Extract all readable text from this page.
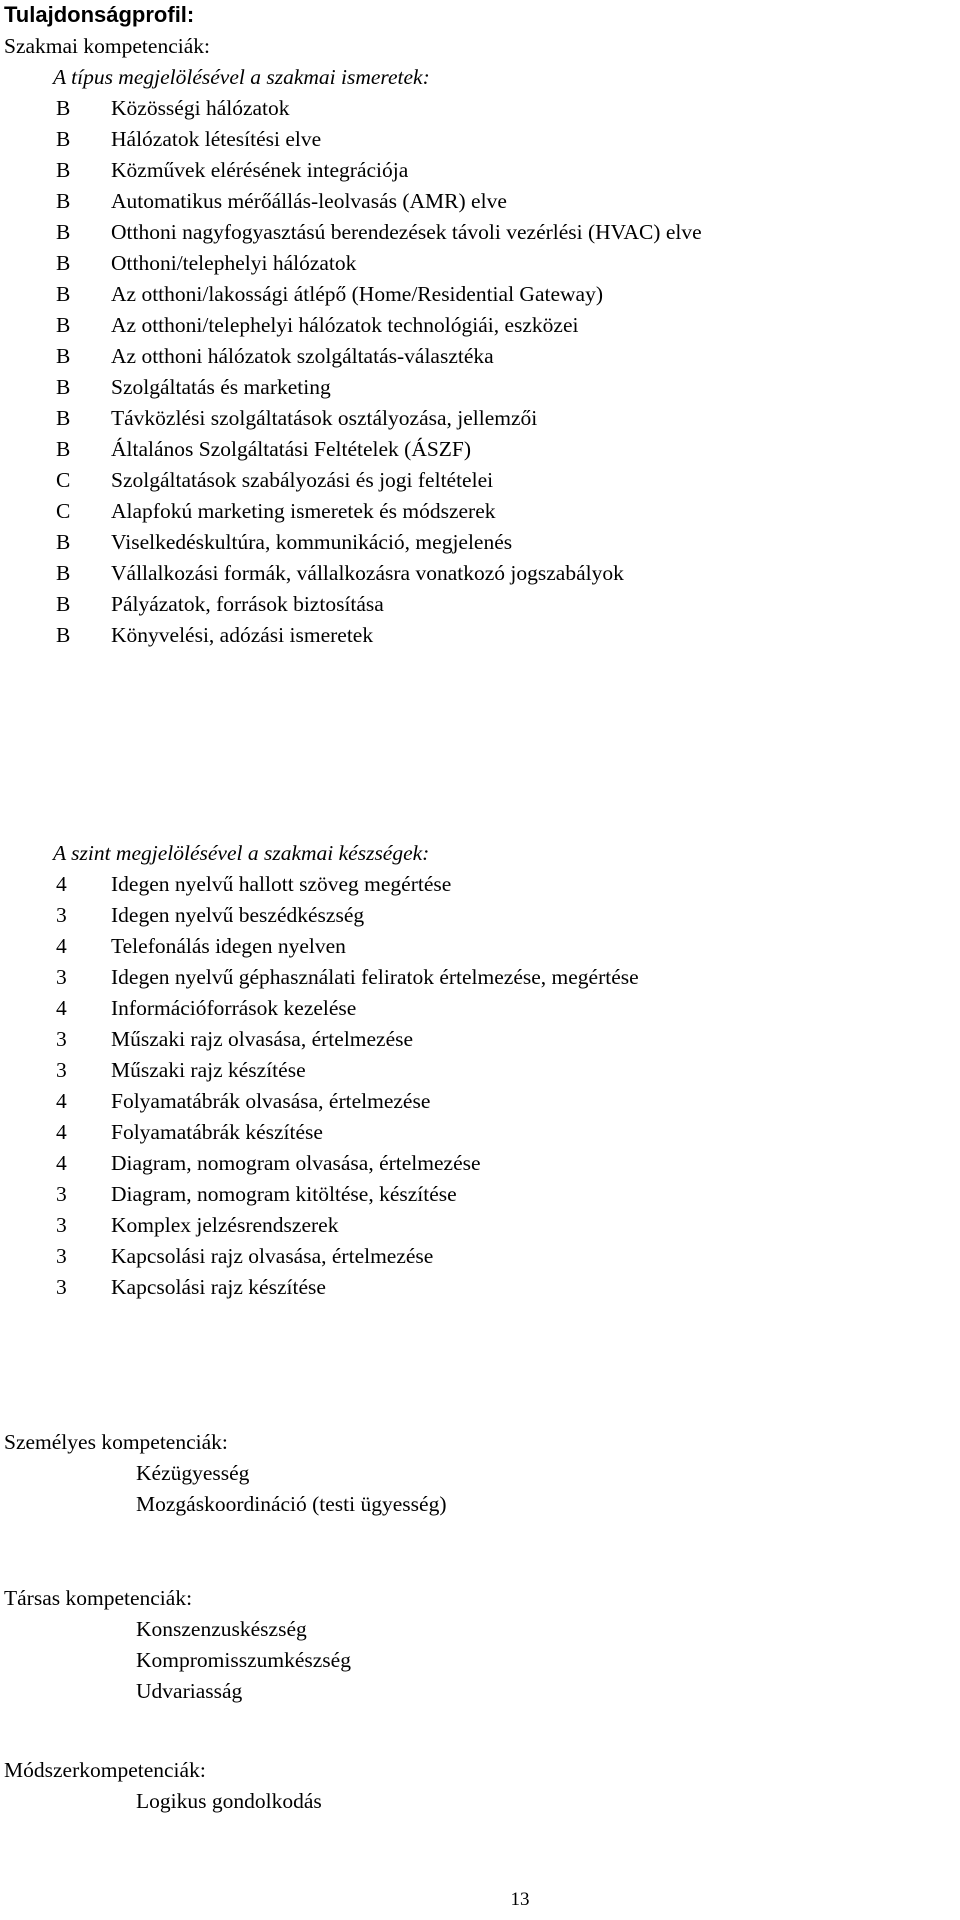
Tulajdonságprofil:
Szakmai kompetenciák:
A típus megjelölésével a szakmai ismeretek:
B	Közösségi hálózatok
B	Hálózatok létesítési elve
B	Közművek elérésének integrációja
B	Automatikus mérőállás-leolvasás (AMR) elve
B	Otthoni nagyfogyasztású berendezések távoli vezérlési (HVAC) elve
B	Otthoni/telephelyi hálózatok
B	Az otthoni/lakossági átlépő (Home/Residential Gateway)
B	Az otthoni/telephelyi hálózatok technológiái, eszközei
B	Az otthoni hálózatok szolgáltatás-választéka
B	Szolgáltatás és marketing
B	Távközlési szolgáltatások osztályozása, jellemzői
B	Általános Szolgáltatási Feltételek (ÁSZF)
C	Szolgáltatások szabályozási és jogi feltételei
C	Alapfokú marketing ismeretek és módszerek
B	Viselkedéskultúra, kommunikáció, megjelenés
B	Vállalkozási formák, vállalkozásra vonatkozó jogszabályok
B	Pályázatok, források biztosítása
B	Könyvelési, adózási ismeretek
A szint megjelölésével a szakmai készségek:
4	Idegen nyelvű hallott szöveg megértése
3	Idegen nyelvű beszédkészség
4	Telefonálás idegen nyelven
3	Idegen nyelvű géphasználati feliratok értelmezése, megértése
4	Információforrások kezelése
3	Műszaki rajz olvasása, értelmezése
3	Műszaki rajz készítése
4	Folyamatábrák olvasása, értelmezése
4	Folyamatábrák készítése
4	Diagram, nomogram olvasása, értelmezése
3	Diagram, nomogram kitöltése, készítése
3	Komplex jelzésrendszerek
3	Kapcsolási rajz olvasása, értelmezése
3	Kapcsolási rajz készítése
Személyes kompetenciák:
Kézügyesség
Mozgáskoordináció (testi ügyesség)
Társas kompetenciák:
Konszenzuskészség
Kompromisszumkészség
Udvariasság
Módszerkompetenciák:
Logikus gondolkodás
13
